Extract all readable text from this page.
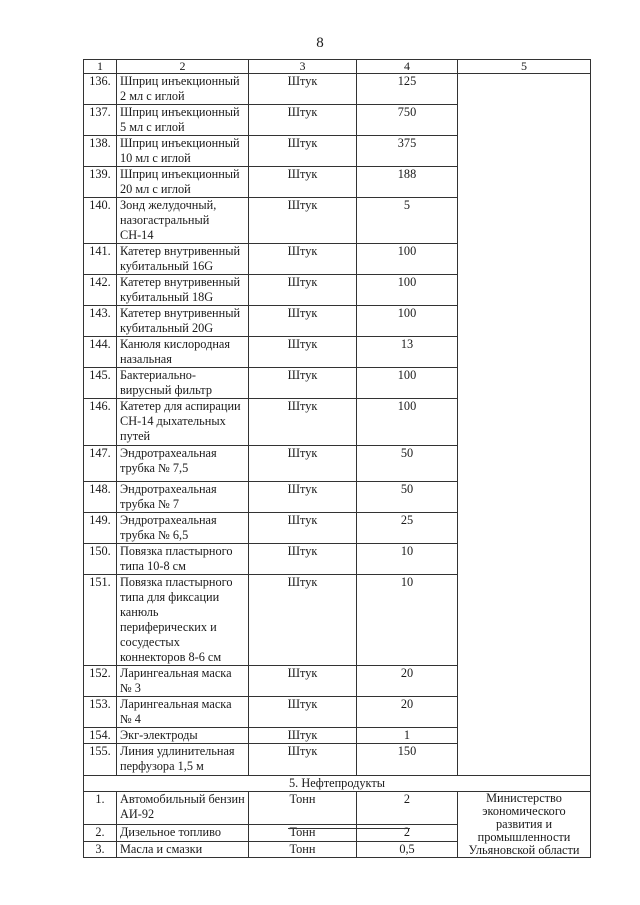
8
1	2	3	4	5
136.	Шприц инъекционный 2 мл с иглой	Штук	125	
137.	Шприц инъекционный 5 мл с иглой	Штук	750	
138.	Шприц инъекционный 10 мл с иглой	Штук	375	
139.	Шприц инъекционный 20 мл с иглой	Штук	188	
140.	Зонд желудочный, назогастральный СН-14	Штук	5	
141.	Катетер внутривенный кубитальный 16G	Штук	100	
142.	Катетер внутривенный кубитальный 18G	Штук	100	
143.	Катетер внутривенный кубитальный 20G	Штук	100	
144.	Канюля кислородная назальная	Штук	13	
145.	Бактериально-вирусный фильтр	Штук	100	
146.	Катетер для аспирации СН-14 дыхательных путей	Штук	100	
147.	Эндротрахеальная трубка № 7,5	Штук	50	
148.	Эндротрахеальная трубка № 7	Штук	50	
149.	Эндротрахеальная трубка № 6,5	Штук	25	
150.	Повязка пластырного типа 10-8 см	Штук	10	
151.	Повязка пластырного типа для фиксации канюль периферических и сосудестых коннекторов 8-6 см	Штук	10	
152.	Ларингеальная маска № 3	Штук	20	
153.	Ларингеальная маска № 4	Штук	20	
154.	Экг-электроды	Штук	1	
155.	Линия удлинительная перфузора 1,5 м	Штук	150	
5. Нефтепродукты				
1.	Автомобильный бензин АИ-92	Тонн	2	Министерство экономического развития и промышленности Ульяновской области
2.	Дизельное топливо	Тонн	2	
3.	Масла и смазки	Тонн	0,5	
